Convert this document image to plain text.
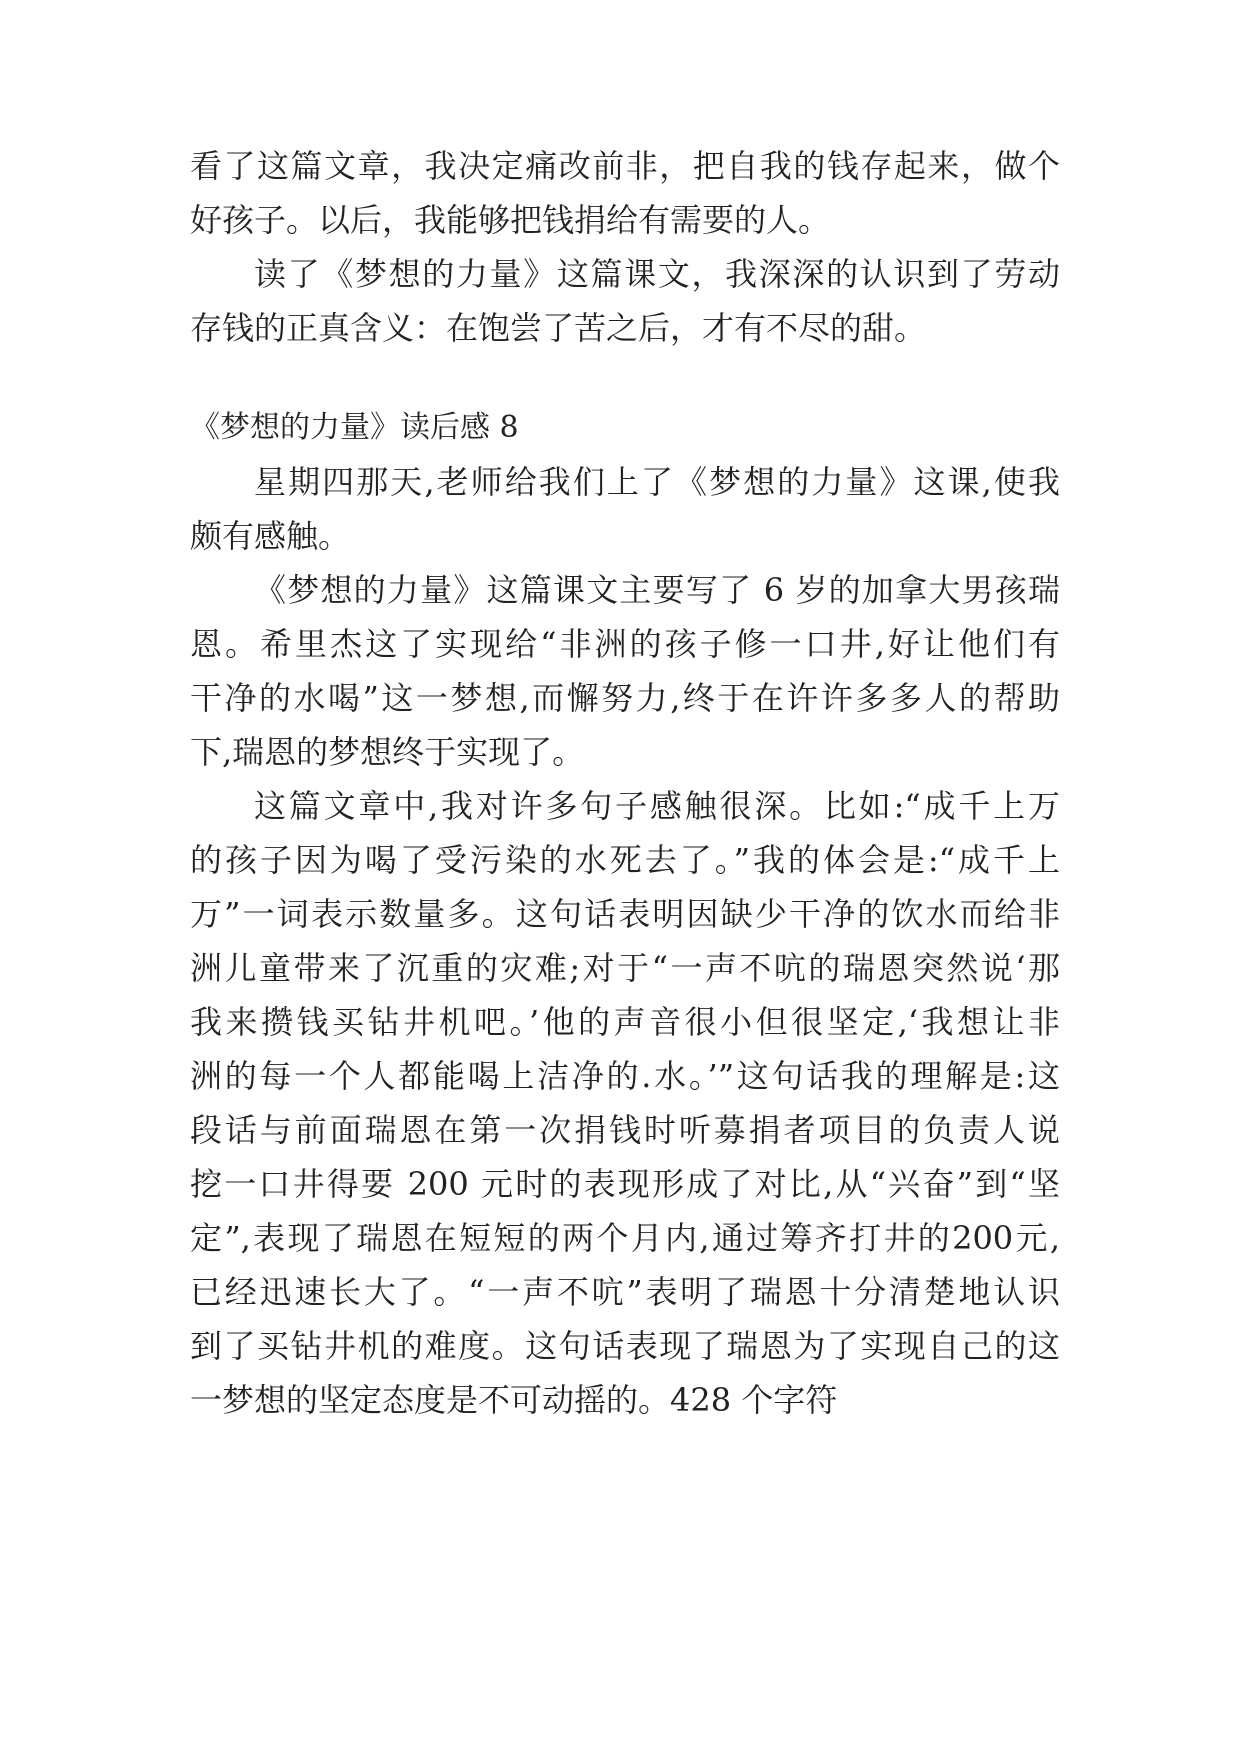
看了这篇文章，我决定痛改前非，把自我的钱存起来，做个
好孩子。以后，我能够把钱捐给有需要的人。
读了《梦想的力量》这篇课文，我深深的认识到了劳动
存钱的正真含义：在饱尝了苦之后，才有不尽的甜。
《梦想的力量》读后感 8
星期四那天,老师给我们上了《梦想的力量》这课,使我
颇有感触。
《梦想的力量》这篇课文主要写了 6 岁的加拿大男孩瑞
恩。希里杰这了实现给“非洲的孩子修一口井,好让他们有
干净的水喝”这一梦想,而懈努力,终于在许许多多人的帮助
下,瑞恩的梦想终于实现了。
这篇文章中,我对许多句子感触很深。比如:“成千上万
的孩子因为喝了受污染的水死去了。”我的体会是:“成千上
万”一词表示数量多。这句话表明因缺少干净的饮水而给非
洲儿童带来了沉重的灾难;对于“一声不吭的瑞恩突然说‘那
我来攒钱买钻井机吧。’他的声音很小但很坚定,‘我想让非
洲的每一个人都能喝上洁净的.水。’”这句话我的理解是:这
段话与前面瑞恩在第一次捐钱时听募捐者项目的负责人说
挖一口井得要 200 元时的表现形成了对比,从“兴奋”到“坚
定”,表现了瑞恩在短短的两个月内,通过筹齐打井的200元,
已经迅速长大了。“一声不吭”表明了瑞恩十分清楚地认识
到了买钻井机的难度。这句话表现了瑞恩为了实现自己的这
一梦想的坚定态度是不可动摇的。428 个字符
